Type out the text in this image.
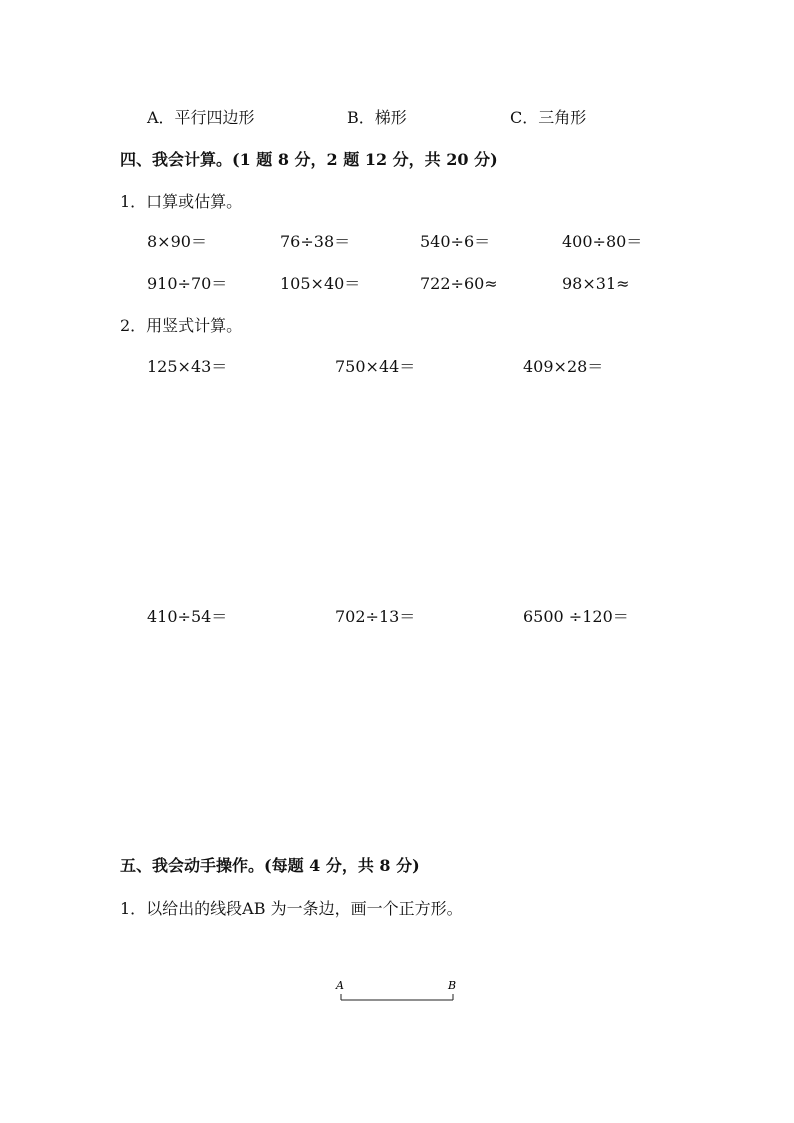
A．平行四边形	B．梯形	C．三角形
四、我会计算。(1 题 8 分，2 题 12 分，共 20 分)
1．口算或估算。
8×90＝	76÷38＝	540÷6＝	400÷80＝
910÷70＝	105×40＝	722÷60≈	98×31≈
2．用竖式计算。
125×43＝	750×44＝	409×28＝
410÷54＝	702÷13＝	6500 ÷120＝
五、我会动手操作。(每题 4 分，共 8 分)
1．以给出的线段AB 为一条边，画一个正方形。
A	B
